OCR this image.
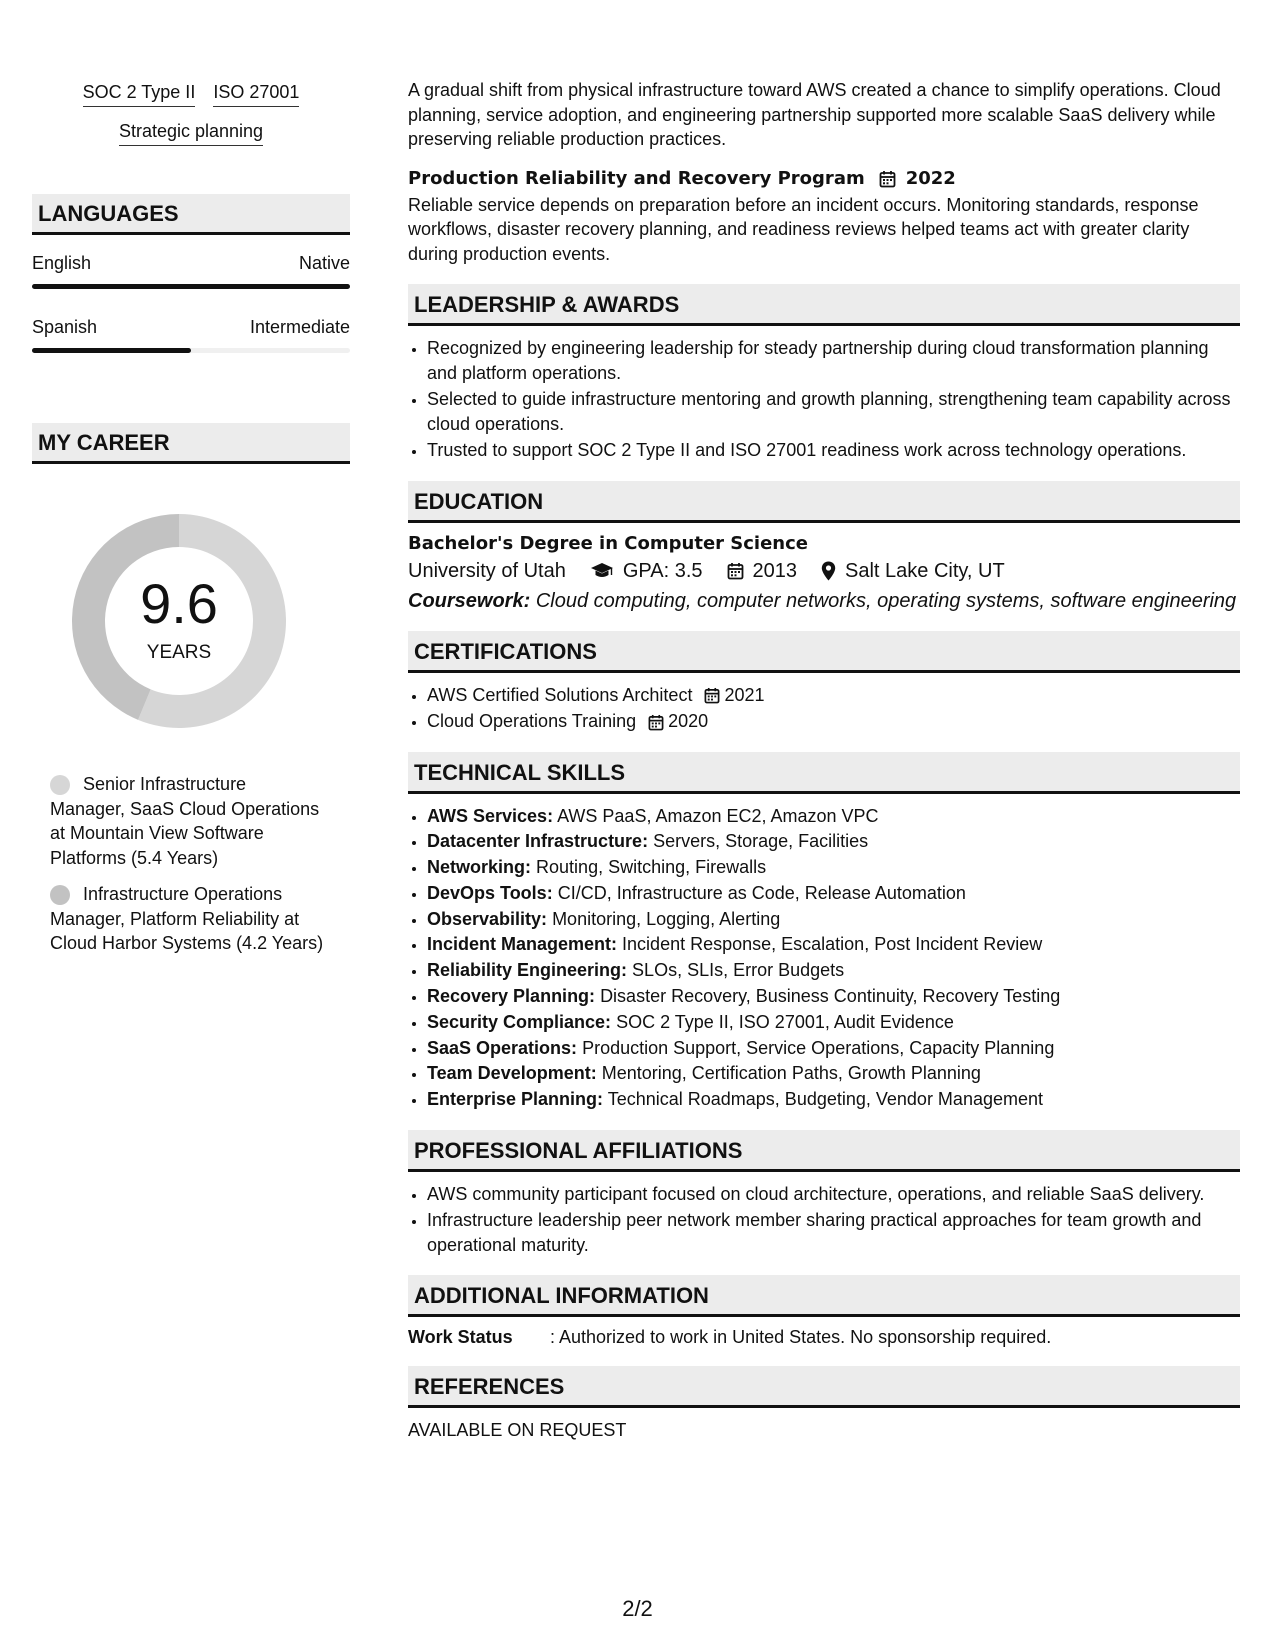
SOC 2 Type II ISO 27001
Strategic planning
LANGUAGES
English	Native
Spanish	Intermediate
MY CAREER
9.6
YEARS
Senior Infrastructure Manager, SaaS Cloud Operations at Mountain View Software Platforms (5.4 Years)
Infrastructure Operations Manager, Platform Reliability at Cloud Harbor Systems (4.2 Years)

A gradual shift from physical infrastructure toward AWS created a chance to simplify operations. Cloud planning, service adoption, and engineering partnership supported more scalable SaaS delivery while preserving reliable production practices.

Production Reliability and Recovery Program 2022

Reliable service depends on preparation before an incident occurs. Monitoring standards, response workflows, disaster recovery planning, and readiness reviews helped teams act with greater clarity during production events.

LEADERSHIP & AWARDS
• Recognized by engineering leadership for steady partnership during cloud transformation planning and platform operations.
• Selected to guide infrastructure mentoring and growth planning, strengthening team capability across cloud operations.
• Trusted to support SOC 2 Type II and ISO 27001 readiness work across technology operations.
EDUCATION
Bachelor's Degree in Computer Science
University of Utah	GPA: 3.5	2013 Salt Lake City, UT
Coursework: Cloud computing, computer networks, operating systems, software engineering
CERTIFICATIONS
• AWS Certified Solutions Architect 2021
• Cloud Operations Training 2020
TECHNICAL SKILLS
• AWS Services: AWS PaaS, Amazon EC2, Amazon VPC
• Datacenter Infrastructure: Servers, Storage, Facilities
• Networking: Routing, Switching, Firewalls
• DevOps Tools: CI/CD, Infrastructure as Code, Release Automation
• Observability: Monitoring, Logging, Alerting
• Incident Management: Incident Response, Escalation, Post Incident Review
• Reliability Engineering: SLOs, SLIs, Error Budgets
• Recovery Planning: Disaster Recovery, Business Continuity, Recovery Testing
• Security Compliance: SOC 2 Type II, ISO 27001, Audit Evidence
• SaaS Operations: Production Support, Service Operations, Capacity Planning
• Team Development: Mentoring, Certification Paths, Growth Planning
• Enterprise Planning: Technical Roadmaps, Budgeting, Vendor Management
PROFESSIONAL AFFILIATIONS
• AWS community participant focused on cloud architecture, operations, and reliable SaaS delivery.
• Infrastructure leadership peer network member sharing practical approaches for team growth and operational maturity.
ADDITIONAL INFORMATION
Work Status	: Authorized to work in United States. No sponsorship required.
REFERENCES
AVAILABLE ON REQUEST
2/2
